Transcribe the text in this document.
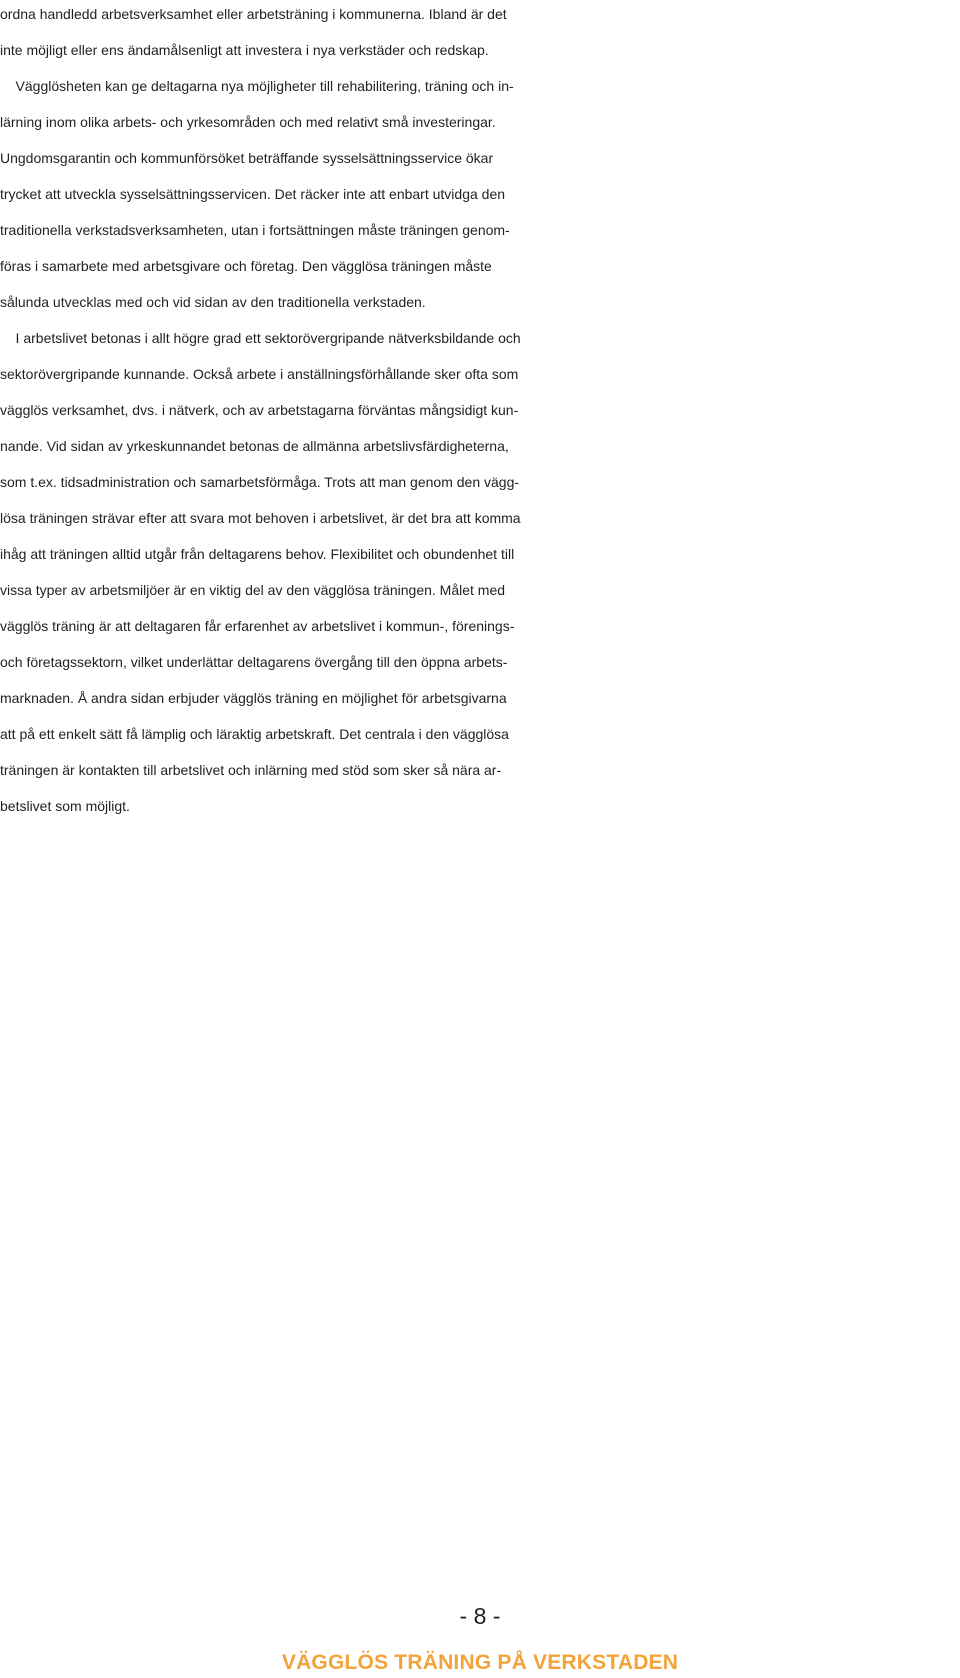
ordna handledd arbetsverksamhet eller arbetsträning i kommunerna. Ibland är det
inte möjligt eller ens ändamålsenligt att investera i nya verkstäder och redskap.
Vägglösheten kan ge deltagarna nya möjligheter till rehabilitering, träning och in-
lärning inom olika arbets- och yrkesområden och med relativt små investeringar.
Ungdomsgarantin och kommunförsöket beträffande sysselsättningsservice ökar
trycket att utveckla sysselsättningsservicen. Det räcker inte att enbart utvidga den
traditionella verkstadsverksamheten, utan i fortsättningen måste träningen genom-
föras i samarbete med arbetsgivare och företag. Den vägglösa träningen måste
sålunda utvecklas med och vid sidan av den traditionella verkstaden.
I arbetslivet betonas i allt högre grad ett sektorövergripande nätverksbildande och
sektorövergripande kunnande. Också arbete i anställningsförhållande sker ofta som
vägglös verksamhet, dvs. i nätverk, och av arbetstagarna förväntas mångsidigt kun-
nande. Vid sidan av yrkeskunnandet betonas de allmänna arbetslivsfärdigheterna,
som t.ex. tidsadministration och samarbetsförmåga. Trots att man genom den vägg-
lösa träningen strävar efter att svara mot behoven i arbetslivet, är det bra att komma
ihåg att träningen alltid utgår från deltagarens behov. Flexibilitet och obundenhet till
vissa typer av arbetsmiljöer är en viktig del av den vägglösa träningen. Målet med
vägglös träning är att deltagaren får erfarenhet av arbetslivet i kommun-, förenings-
och företagssektorn, vilket underlättar deltagarens övergång till den öppna arbets-
marknaden. Å andra sidan erbjuder vägglös träning en möjlighet för arbetsgivarna
att på ett enkelt sätt få lämplig och läraktig arbetskraft. Det centrala i den vägglösa
träningen är kontakten till arbetslivet och inlärning med stöd som sker så nära ar-
betslivet som möjligt.
- 8 -
VÄGGLÖS TRÄNING PÅ VERKSTADEN
